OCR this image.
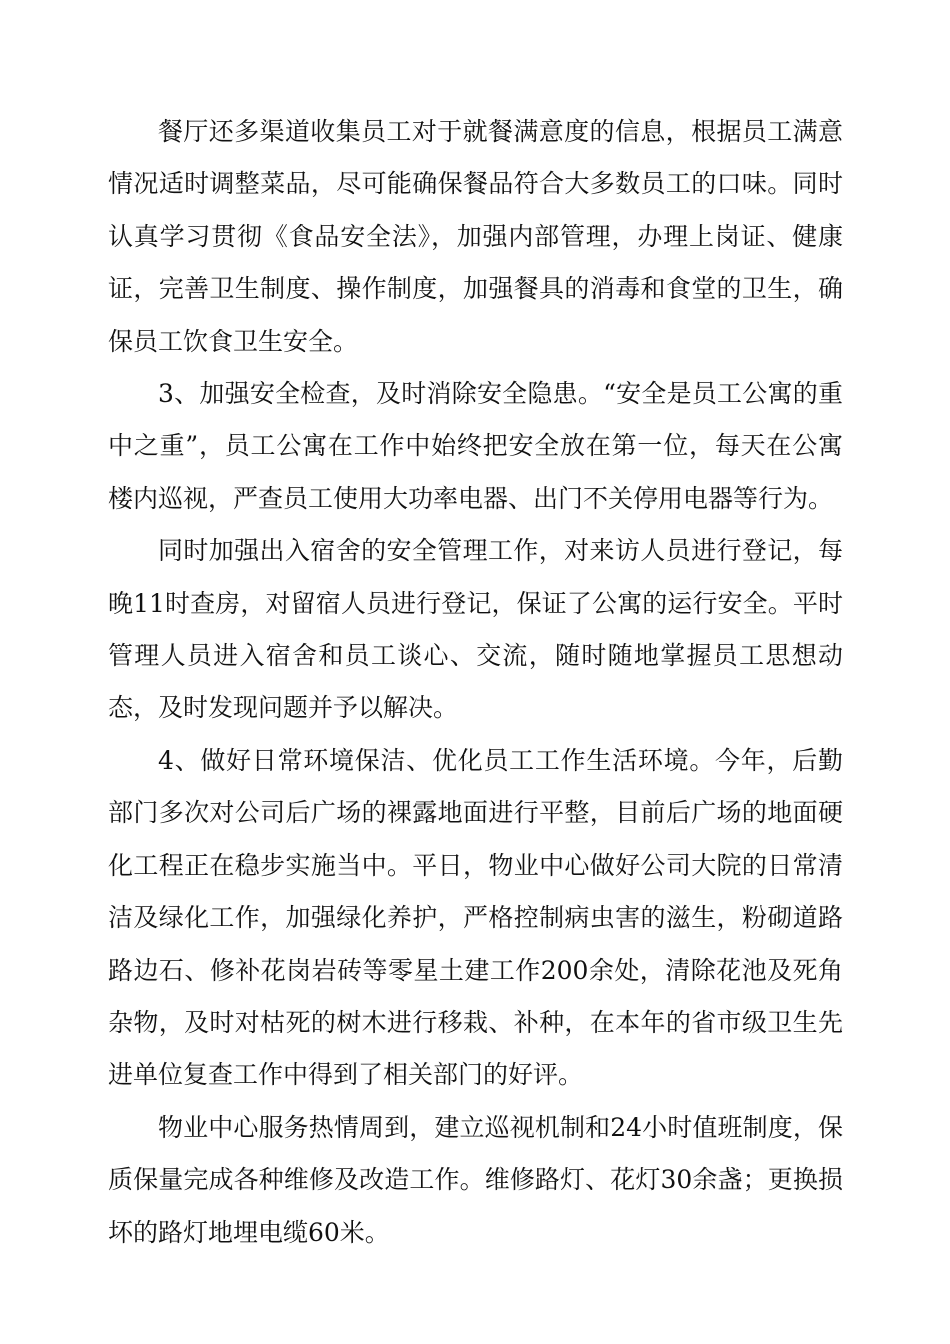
餐厅还多渠道收集员工对于就餐满意度的信息，根据员工满意情况适时调整菜品，尽可能确保餐品符合大多数员工的口味。同时认真学习贯彻《食品安全法》，加强内部管理，办理上岗证、健康证，完善卫生制度、操作制度，加强餐具的消毒和食堂的卫生，确保员工饮食卫生安全。

3、加强安全检查，及时消除安全隐患。“安全是员工公寓的重中之重”，员工公寓在工作中始终把安全放在第一位，每天在公寓楼内巡视，严查员工使用大功率电器、出门不关停用电器等行为。

同时加强出入宿舍的安全管理工作，对来访人员进行登记，每晚11时查房，对留宿人员进行登记，保证了公寓的运行安全。平时管理人员进入宿舍和员工谈心、交流，随时随地掌握员工思想动态，及时发现问题并予以解决。

4、做好日常环境保洁、优化员工工作生活环境。今年，后勤部门多次对公司后广场的裸露地面进行平整，目前后广场的地面硬化工程正在稳步实施当中。平日，物业中心做好公司大院的日常清洁及绿化工作，加强绿化养护，严格控制病虫害的滋生，粉砌道路路边石、修补花岗岩砖等零星土建工作200余处，清除花池及死角杂物，及时对枯死的树木进行移栽、补种，在本年的省市级卫生先进单位复查工作中得到了相关部门的好评。

物业中心服务热情周到，建立巡视机制和24小时值班制度，保质保量完成各种维修及改造工作。维修路灯、花灯30余盏；更换损坏的路灯地埋电缆60米。
